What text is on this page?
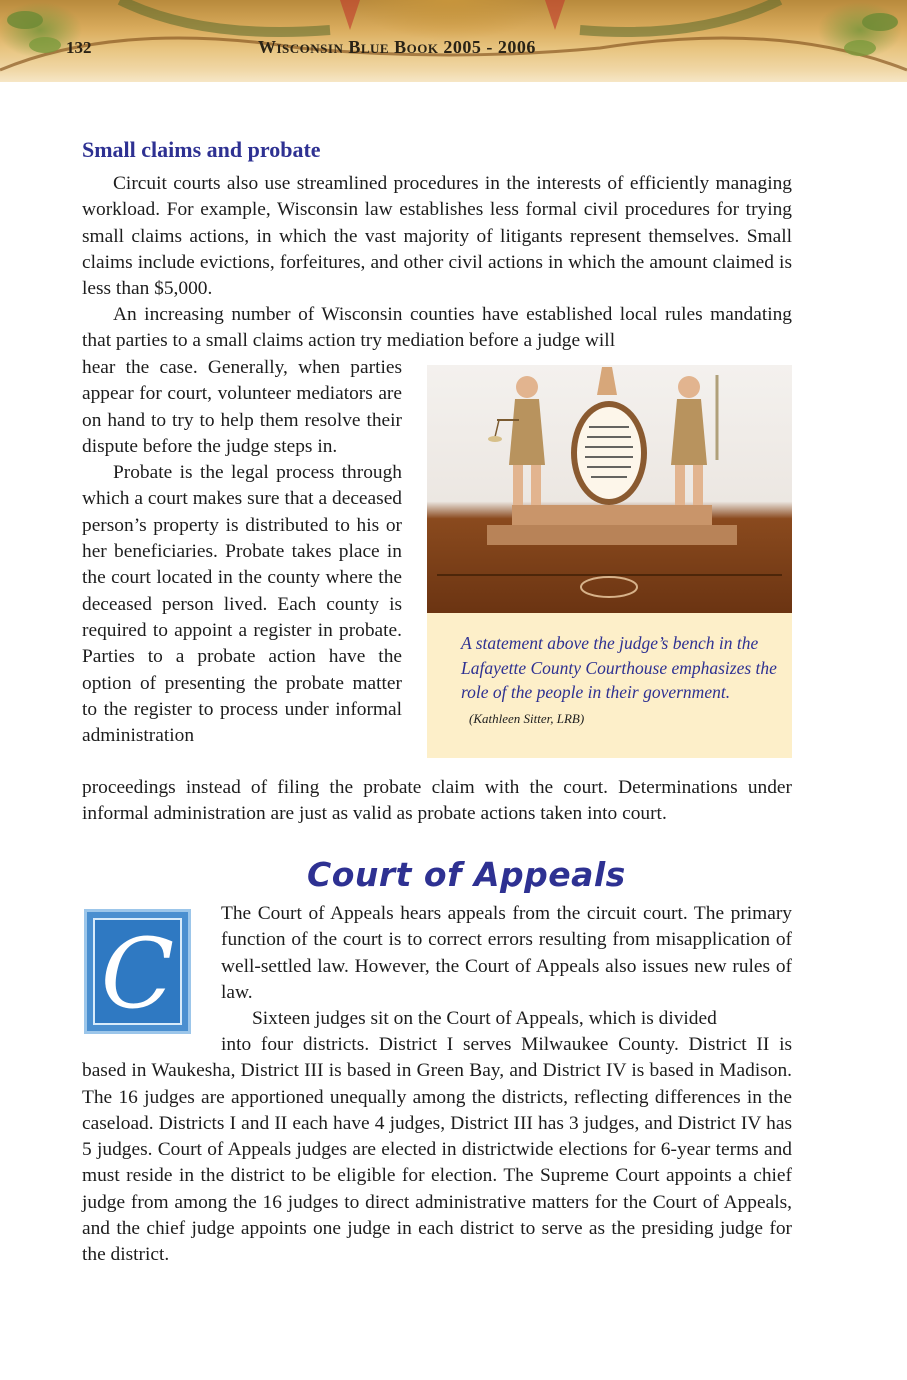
132	Wisconsin Blue Book 2005 - 2006
Small claims and probate

Circuit courts also use streamlined procedures in the interests of efficiently managing workload. For example, Wisconsin law establishes less formal civil procedures for trying small claims actions, in which the vast majority of litigants represent themselves. Small claims include evictions, forfeitures, and other civil actions in which the amount claimed is less than $5,000.

An increasing number of Wisconsin counties have established local rules mandating that parties to a small claims action try mediation before a judge will

hear the case. Generally, when parties appear for court, volunteer mediators are on hand to try to help them resolve their dispute before the judge steps in.

Probate is the legal process through which a court makes sure that a deceased person’s property is distributed to his or her beneficiaries. Probate takes place in the court located in the county where the deceased person lived. Each county is required to appoint a register in probate. Parties to a probate action have the option of presenting the probate matter to the register to process under informal administration

A statement above the judge’s bench in the Lafayette County Courthouse emphasizes the role of the people in their government.(Kathleen Sitter, LRB)

proceedings instead of filing the probate claim with the court. Determinations under informal administration are just as valid as probate actions taken into court.

Court of Appeals
C

The Court of Appeals hears appeals from the circuit court. The primary function of the court is to correct errors resulting from misapplication of well-settled law. However, the Court of Appeals also issues new rules of law.

Sixteen judges sit on the Court of Appeals, which is divided

into four districts. District I serves Milwaukee County. District II is based in Waukesha, District III is based in Green Bay, and District IV is based in Madison. The 16 judges are apportioned unequally among the districts, reflecting differences in the caseload. Districts I and II each have 4 judges, District III has 3 judges, and District IV has 5 judges. Court of Appeals judges are elected in districtwide elections for 6-year terms and must reside in the district to be eligible for election. The Supreme Court appoints a chief judge from among the 16 judges to direct administrative matters for the Court of Appeals, and the chief judge appoints one judge in each district to serve as the presiding judge for the district.
